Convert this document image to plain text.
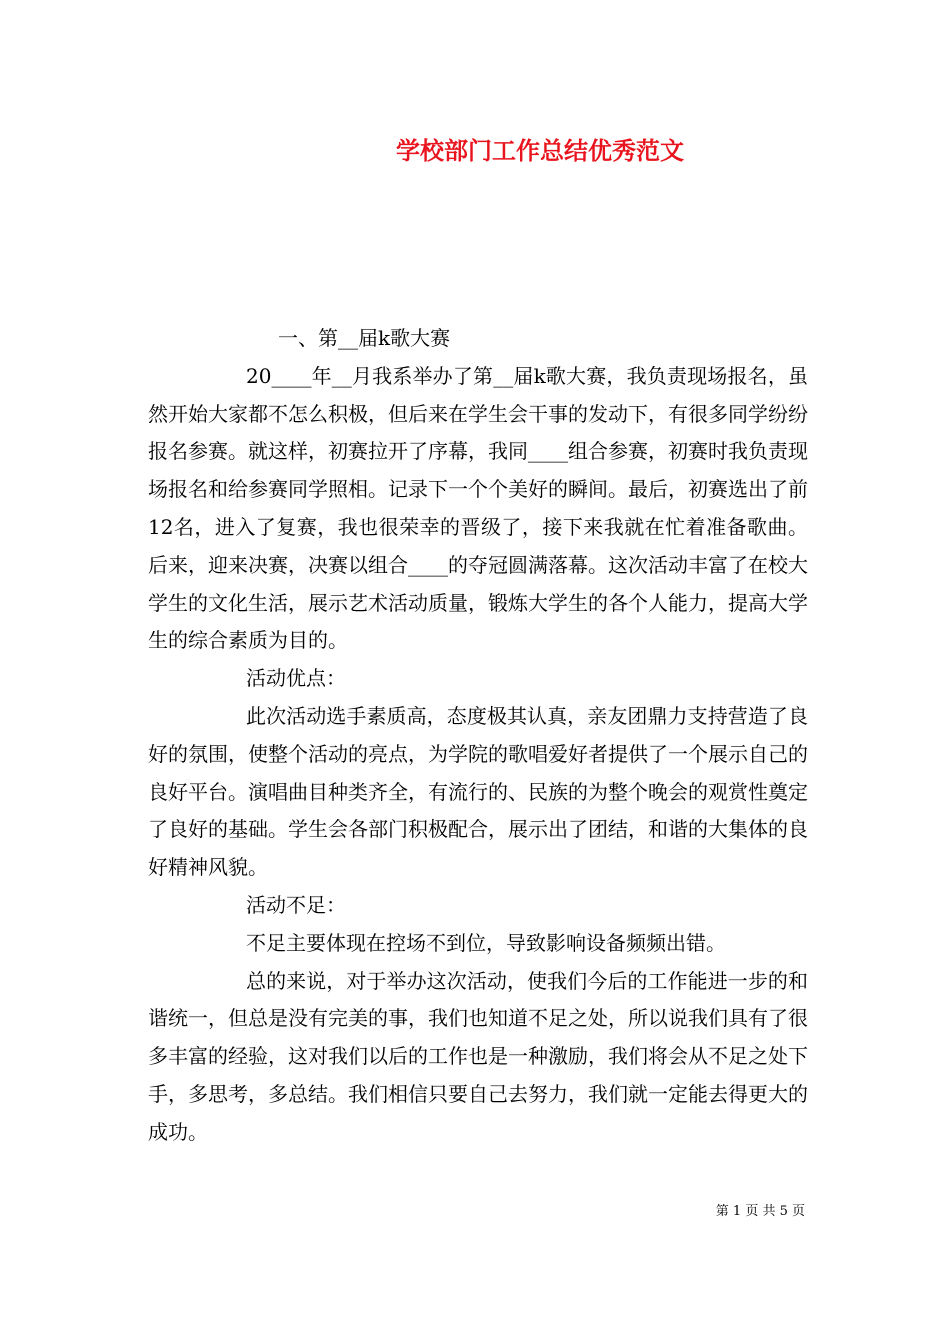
学校部门工作总结优秀范文

一、第__届k歌大赛

20____年__月我系举办了第__届k歌大赛，我负责现场报名，虽然开始大家都不怎么积极，但后来在学生会干事的发动下，有很多同学纷纷报名参赛。就这样，初赛拉开了序幕，我同____组合参赛，初赛时我负责现场报名和给参赛同学照相。记录下一个个美好的瞬间。最后，初赛选出了前12名，进入了复赛，我也很荣幸的晋级了，接下来我就在忙着准备歌曲。后来，迎来决赛，决赛以组合____的夺冠圆满落幕。这次活动丰富了在校大学生的文化生活，展示艺术活动质量，锻炼大学生的各个人能力，提高大学生的综合素质为目的。

活动优点：

此次活动选手素质高，态度极其认真，亲友团鼎力支持营造了良好的氛围，使整个活动的亮点，为学院的歌唱爱好者提供了一个展示自己的良好平台。演唱曲目种类齐全，有流行的、民族的为整个晚会的观赏性奠定了良好的基础。学生会各部门积极配合，展示出了团结，和谐的大集体的良好精神风貌。

活动不足：

不足主要体现在控场不到位，导致影响设备频频出错。

总的来说，对于举办这次活动，使我们今后的工作能进一步的和谐统一，但总是没有完美的事，我们也知道不足之处，所以说我们具有了很多丰富的经验，这对我们以后的工作也是一种激励，我们将会从不足之处下手，多思考，多总结。我们相信只要自己去努力，我们就一定能去得更大的成功。

第 1 页 共 5 页
